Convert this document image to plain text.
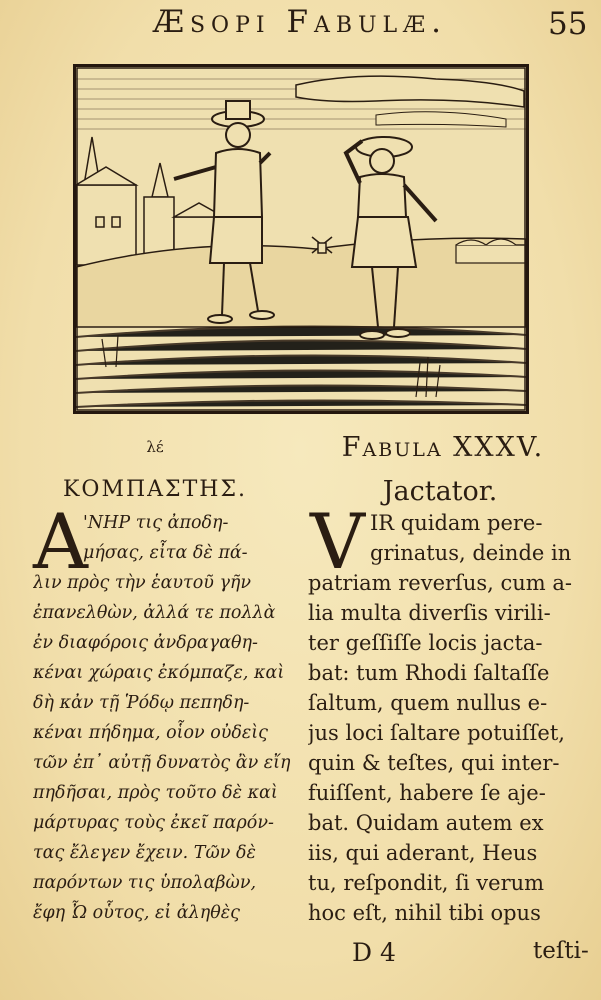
Æsopi Fabulæ.	55
λέ
ΚΟΜΠΑΣΤΗΣ.
Fabula XXXV.
Jactator.
Α
'ΝΗΡ τις ἀποδη-
μήσας, εἶτα δὲ πά-
λιν πρὸς τὴν ἑαυτοῦ γῆν
ἐπανελθὼν, ἀλλά τε πολλὰ
ἐν διαφόροις ἀνδραγαθη-
κέναι χώραις ἐκόμπαζε, καὶ
δὴ κἀν τῇ Ῥόδῳ πεπηδη-
κέναι πήδημα, οἷον οὐδεὶς
τῶν ἐπ᾽ αὐτῇ δυνατὸς ἂν εἴη
πηδῆσαι, πρὸς τοῦτο δὲ καὶ
μάρτυρας τοὺς ἐκεῖ παρόν-
τας ἔλεγεν ἔχειν. Τῶν δὲ
παρόντων τις ὑπολαβὼν,
ἔφη Ὦ οὗτος, εἰ ἀληθὲς
V IR quidam pere-
grinatus, deinde in
patriam reverſus, cum a-
lia multa diverſis virili-
ter geſſiſſe locis jacta-
bat: tum Rhodi ſaltaſſe
ſaltum, quem nullus e-
jus loci ſaltare potuiſſet,
quin & teſtes, qui inter-
fuiſſent, habere ſe aje-
bat. Quidam autem ex
iis, qui aderant, Heus
tu, reſpondit, ſi verum
hoc eſt, nihil tibi opus
D 4	teſti-
